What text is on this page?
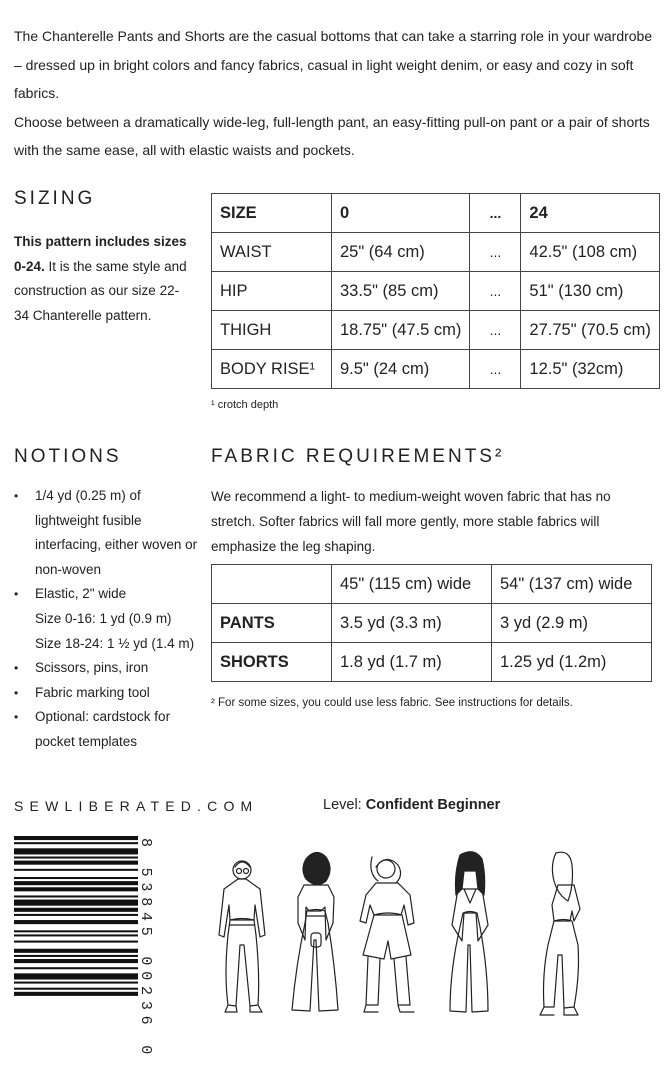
The Chanterelle Pants and Shorts are the casual bottoms that can take a starring role in your wardrobe – dressed up in bright colors and fancy fabrics, casual in light weight denim, or easy and cozy in soft fabrics.

Choose between a dramatically wide-leg, full-length pant, an easy-fitting pull-on pant or a pair of shorts with the same ease, all with elastic waists and pockets.

SIZING
This pattern includes sizes 0-24. It is the same style and construction as our size 22-34 Chanterelle pattern.
SIZE	0	...	24
WAIST	25" (64 cm)	...	42.5" (108 cm)
HIP	33.5" (85 cm)	...	51" (130 cm)
THIGH	18.75" (47.5 cm)	...	27.75" (70.5 cm)
BODY RISE¹	9.5" (24 cm)	...	12.5" (32cm)
¹ crotch depth
NOTIONS
• 1/4 yd (0.25 m) of lightweight fusible interfacing, either woven or non-woven
• Elastic, 2" wide
Size 0-16: 1 yd (0.9 m)
Size 18-24: 1 ½ yd (1.4 m)
• Scissors, pins, iron
• Fabric marking tool
• Optional: cardstock for pocket templates
FABRIC REQUIREMENTS²
We recommend a light- to medium-weight woven fabric that has no stretch. Softer fabrics will fall more gently, more stable fabrics will emphasize the leg shaping.
	45" (115 cm) wide	54" (137 cm) wide
PANTS	3.5 yd (3.3 m)	3 yd (2.9 m)
SHORTS	1.8 yd (1.7 m)	1.25 yd (1.2m)
² For some sizes, you could use less fabric. See instructions for details.
SEWLIBERATED.COM	Level: Confident Beginner
8 53845 00236 0
